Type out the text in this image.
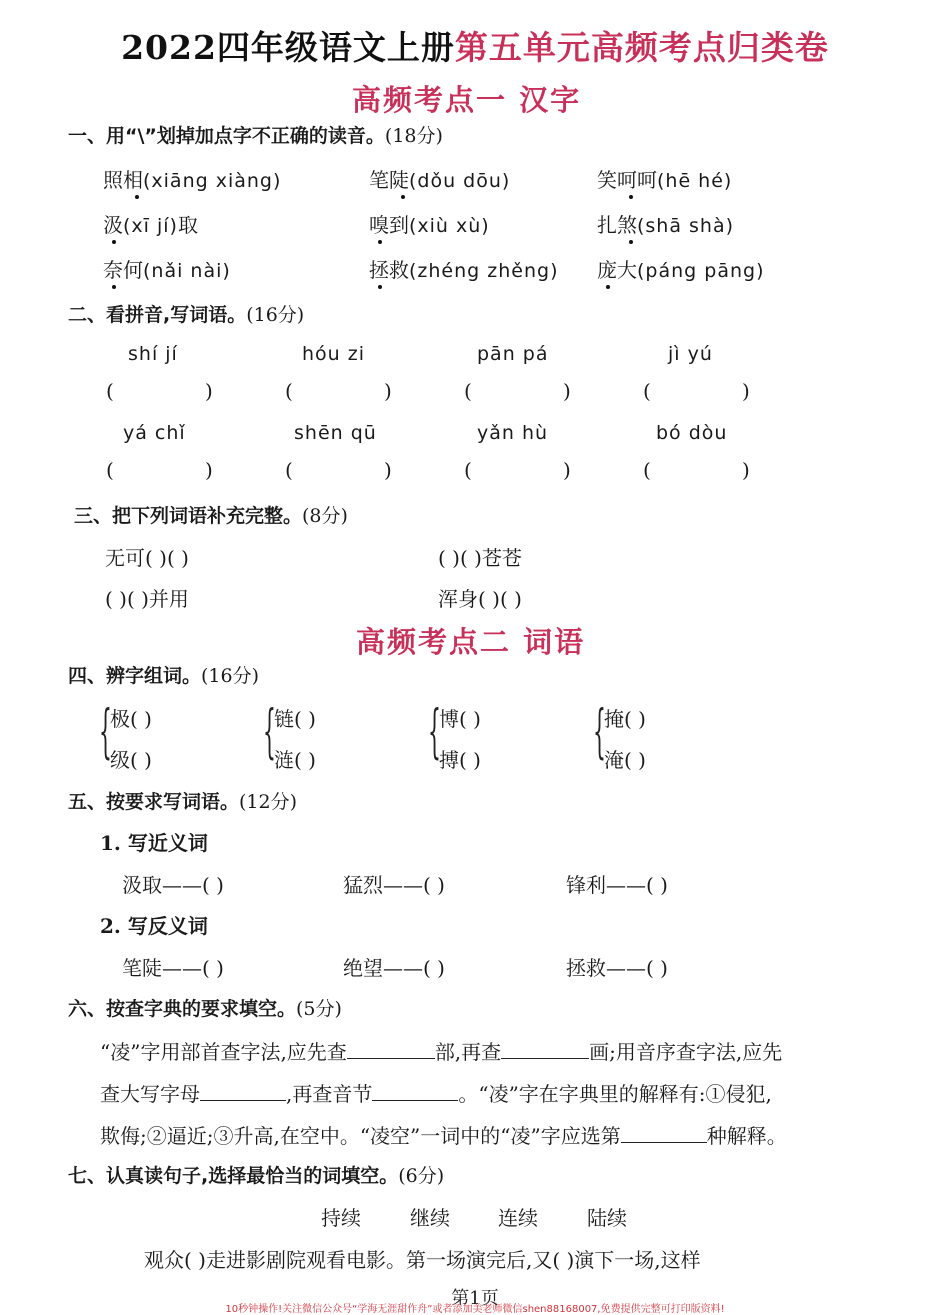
2022四年级语文上册第五单元高频考点归类卷
高频考点一 汉字
一、用“\”划掉加点字不正确的读音。(18分)
照相(xiāng xiàng)	笔陡(dǒu dōu)	笑呵呵(hē hé)
汲(xī jí)取	嗅到(xiù xù)	扎煞(shā shà)
奈何(nǎi nài)	拯救(zhéng zhěng) 庞大(páng pāng)
二、看拼音,写词语。(16分)
shí jí	hóu zi	pān pá	jì yú
(	)	(	)	(	)	(	)
yá chǐ	shēn qū	yǎn hù	bó dòu
(	)	(	)	(	)	(	)
三、把下列词语补充完整。(8分)
无可( )( )	( )( )苍苍
( )( )并用	浑身( )( )
高频考点二 词语
四、辨字组词。(16分)
{
极( )
级( ) {
链( )
涟( ) {
博( )
搏( ) {
掩( )
淹( )
五、按要求写词语。(12分)
1. 写近义词
汲取——( )	猛烈——( )	锋利——( )
2. 写反义词
笔陡——( )	绝望——( )	拯救——( )
六、按查字典的要求填空。(5分)
“凌”字用部首查字法,应先查	部,再查	画;用音序查字法,应先
查大写字母	,再查音节	。“凌”字在字典里的解释有:①侵犯,
欺侮;②逼近;③升高,在空中。“凌空”一词中的“凌”字应选第	种解释。
七、认真读句子,选择最恰当的词填空。(6分)
持续 继续 连续 陆续
观众( )走进影剧院观看电影。第一场演完后,又( )演下一场,这样
第1页
10秒钟操作!关注微信公众号“学海无涯甜作舟”或者添加美老师微信shen88168007,免费提供完整可打印版资料!
